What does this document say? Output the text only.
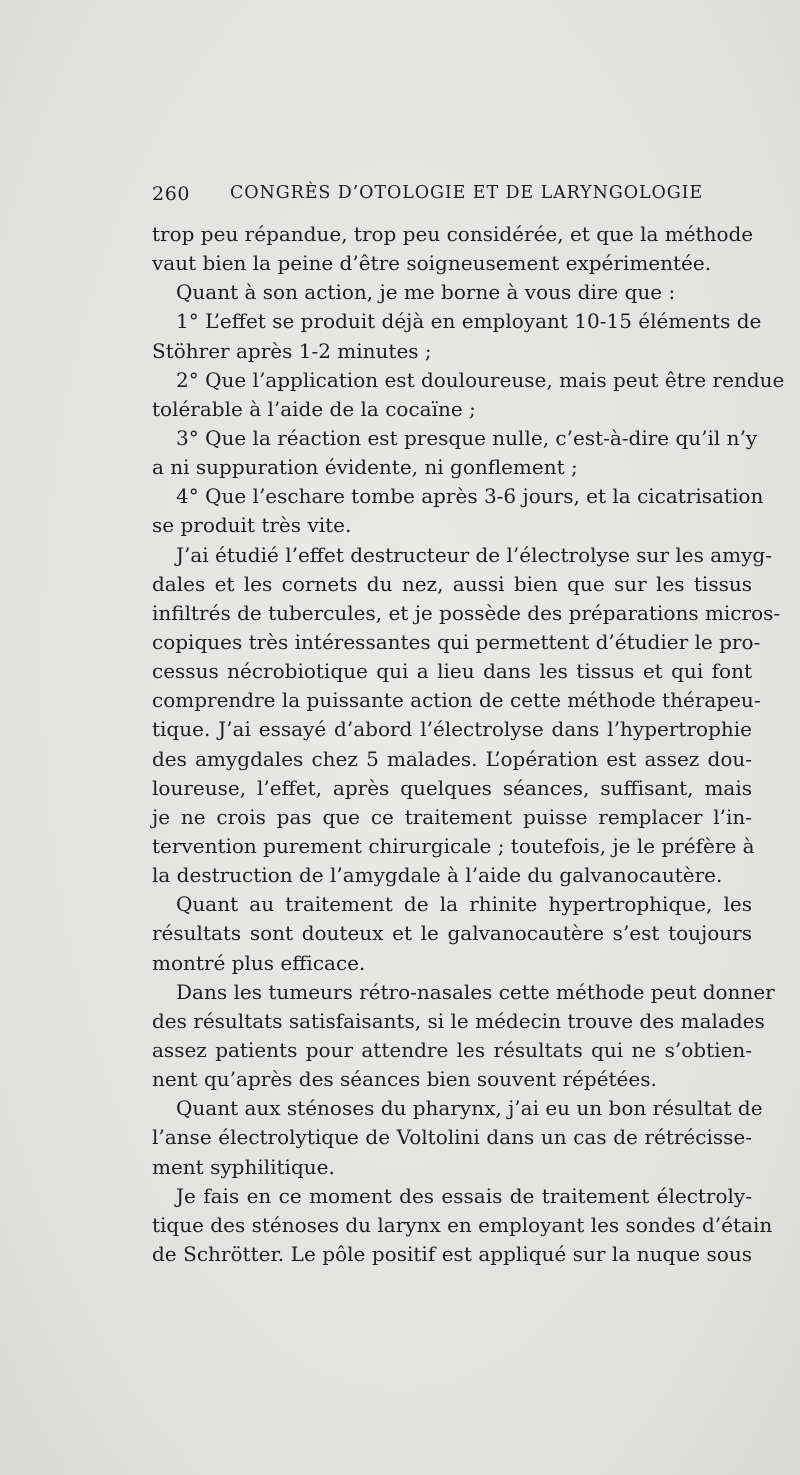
260 CONGRÈS D’OTOLOGIE ET DE LARYNGOLOGIE
trop peu répandue, trop peu considérée, et que la méthode
vaut bien la peine d’être soigneusement expérimentée.
Quant à son action, je me borne à vous dire que :
1° L’effet se produit déjà en employant 10-15 éléments de
Stöhrer après 1-2 minutes ;
2° Que l’application est douloureuse, mais peut être rendue
tolérable à l’aide de la cocaïne ;
3° Que la réaction est presque nulle, c’est-à-dire qu’il n’y
a ni suppuration évidente, ni gonflement ;
4° Que l’eschare tombe après 3-6 jours, et la cicatrisation
se produit très vite.
J’ai étudié l’effet destructeur de l’électrolyse sur les amyg-
dales et les cornets du nez, aussi bien que sur les tissus
infiltrés de tubercules, et je possède des préparations micros-
copiques très intéressantes qui permettent d’étudier le pro-
cessus nécrobiotique qui a lieu dans les tissus et qui font
comprendre la puissante action de cette méthode thérapeu-
tique. J’ai essayé d’abord l’électrolyse dans l’hypertrophie
des amygdales chez 5 malades. L’opération est assez dou-
loureuse, l’effet, après quelques séances, suffisant, mais
je ne crois pas que ce traitement puisse remplacer l’in-
tervention purement chirurgicale ; toutefois, je le préfère à
la destruction de l’amygdale à l’aide du galvanocautère.
Quant au traitement de la rhinite hypertrophique, les
résultats sont douteux et le galvanocautère s’est toujours
montré plus efficace.
Dans les tumeurs rétro-nasales cette méthode peut donner
des résultats satisfaisants, si le médecin trouve des malades
assez patients pour attendre les résultats qui ne s’obtien-
nent qu’après des séances bien souvent répétées.
Quant aux sténoses du pharynx, j’ai eu un bon résultat de
l’anse électrolytique de Voltolini dans un cas de rétrécisse-
ment syphilitique.
Je fais en ce moment des essais de traitement électroly-
tique des sténoses du larynx en employant les sondes d’étain
de Schrötter. Le pôle positif est appliqué sur la nuque sous
